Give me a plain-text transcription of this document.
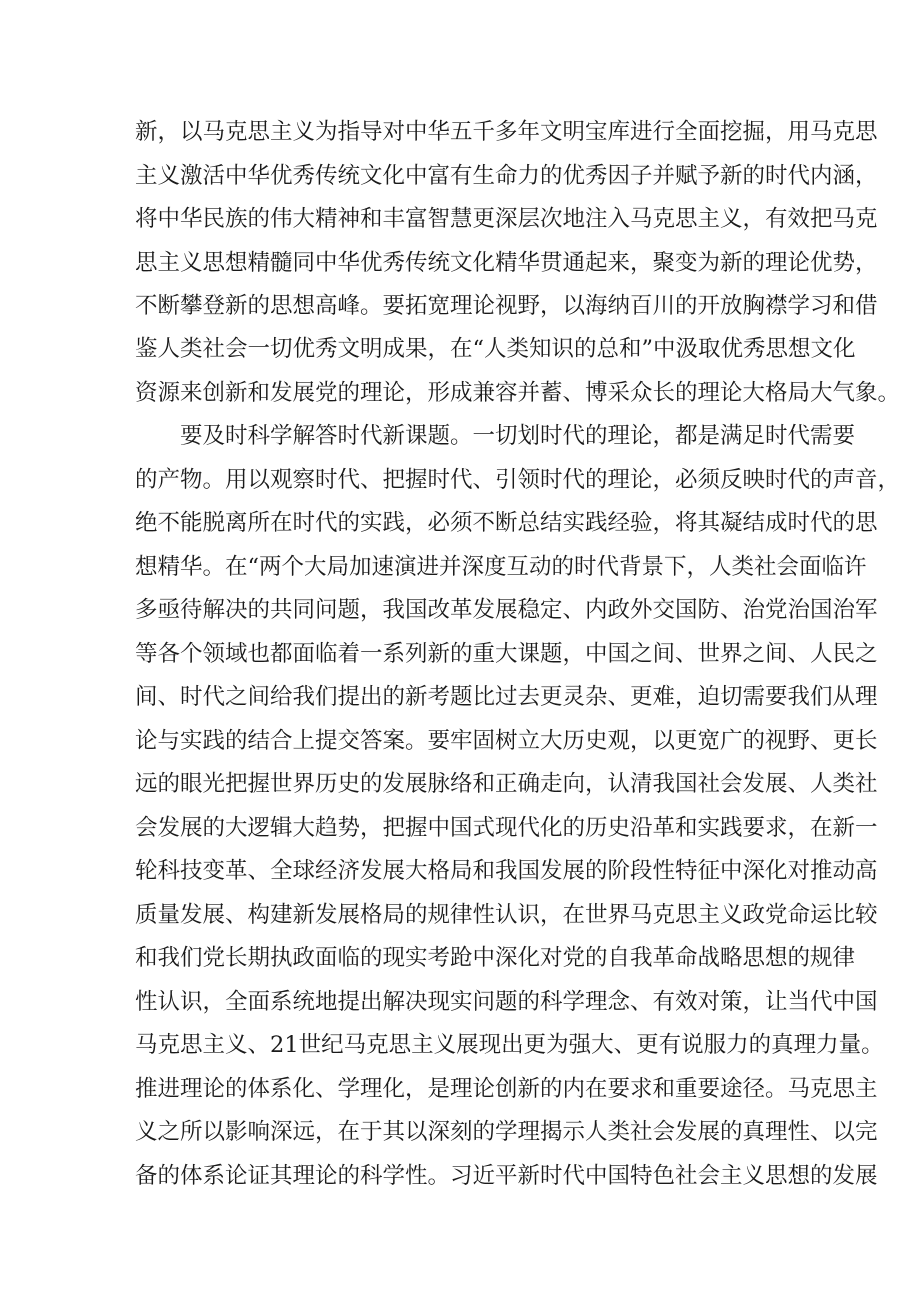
新，以马克思主义为指导对中华五千多年文明宝库进行全面挖掘，用马克思
主义激活中华优秀传统文化中富有生命力的优秀因子并赋予新的时代内涵，
将中华民族的伟大精神和丰富智慧更深层次地注入马克思主义，有效把马克
思主义思想精髓同中华优秀传统文化精华贯通起来，聚变为新的理论优势，
不断攀登新的思想高峰。要拓宽理论视野，以海纳百川的开放胸襟学习和借
鉴人类社会一切优秀文明成果，在“人类知识的总和”中汲取优秀思想文化
资源来创新和发展党的理论，形成兼容并蓄、博采众长的理论大格局大气象。
要及时科学解答时代新课题。一切划时代的理论，都是满足时代需要
的产物。用以观察时代、把握时代、引领时代的理论，必须反映时代的声音，
绝不能脱离所在时代的实践，必须不断总结实践经验，将其凝结成时代的思
想精华。在“两个大局加速演进并深度互动的时代背景下，人类社会面临许
多亟待解决的共同问题，我国改革发展稳定、内政外交国防、治党治国治军
等各个领域也都面临着一系列新的重大课题，中国之间、世界之间、人民之
间、时代之间给我们提出的新考题比过去更灵杂、更难，迫切需要我们从理
论与实践的结合上提交答案。要牢固树立大历史观，以更宽广的视野、更长
远的眼光把握世界历史的发展脉络和正确走向，认清我国社会发展、人类社
会发展的大逻辑大趋势，把握中国式现代化的历史沿革和实践要求，在新一
轮科技变革、全球经济发展大格局和我国发展的阶段性特征中深化对推动高
质量发展、构建新发展格局的规律性认识，在世界马克思主义政党命运比较
和我们党长期执政面临的现实考跄中深化对党的自我革命战略思想的规律
性认识，全面系统地提出解决现实问题的科学理念、有效对策，让当代中国
马克思主义、21世纪马克思主义展现出更为强大、更有说服力的真理力量。
推进理论的体系化、学理化，是理论创新的内在要求和重要途径。马克思主
义之所以影响深远，在于其以深刻的学理揭示人类社会发展的真理性、以完
备的体系论证其理论的科学性。习近平新时代中国特色社会主义思想的发展
